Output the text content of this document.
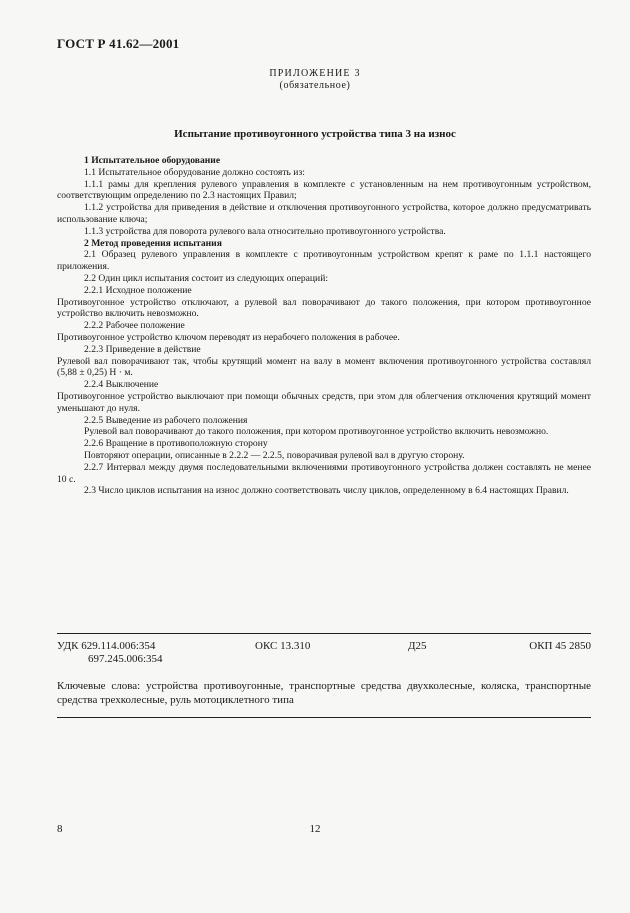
ГОСТ Р 41.62—2001
ПРИЛОЖЕНИЕ 3
(обязательное)
Испытание противоугонного устройства типа 3 на износ

1 Испытательное оборудование

1.1 Испытательное оборудование должно состоять из:

1.1.1 рамы для крепления рулевого управления в комплекте с установленным на нем противоугонным устройством, соответствующим определению по 2.3 настоящих Правил;

1.1.2 устройства для приведения в действие и отключения противоугонного устройства, которое должно предусматривать использование ключа;

1.1.3 устройства для поворота рулевого вала относительно противоугонного устройства.

2 Метод проведения испытания

2.1 Образец рулевого управления в комплекте с противоугонным устройством крепят к раме по 1.1.1 настоящего приложения.

2.2 Один цикл испытания состоит из следующих операций:

2.2.1 Исходное положение

Противоугонное устройство отключают, а рулевой вал поворачивают до такого положения, при котором противоугонное устройство включить невозможно.

2.2.2 Рабочее положение

Противоугонное устройство ключом переводят из нерабочего положения в рабочее.

2.2.3 Приведение в действие

Рулевой вал поворачивают так, чтобы крутящий момент на валу в момент включения противоугонного устройства составлял (5,88 ± 0,25) Н · м.

2.2.4 Выключение

Противоугонное устройство выключают при помощи обычных средств, при этом для облегчения отключения крутящий момент уменьшают до нуля.

2.2.5 Выведение из рабочего положения

Рулевой вал поворачивают до такого положения, при котором противоугонное устройство включить невозможно.

2.2.6 Вращение в противоположную сторону

Повторяют операции, описанные в 2.2.2 — 2.2.5, поворачивая рулевой вал в другую сторону.

2.2.7 Интервал между двумя последовательными включениями противоугонного устройства должен составлять не менее 10 с.

2.3 Число циклов испытания на износ должно соответствовать числу циклов, определенному в 6.4 настоящих Правил.

УДК 629.114.006:354
697.245.006:354
ОКС 13.310	Д25	ОКП 45 2850
Ключевые слова: устройства противоугонные, транспортные средства двухколесные, коляска, транспортные средства трехколесные, руль мотоциклетного типа
8	12
